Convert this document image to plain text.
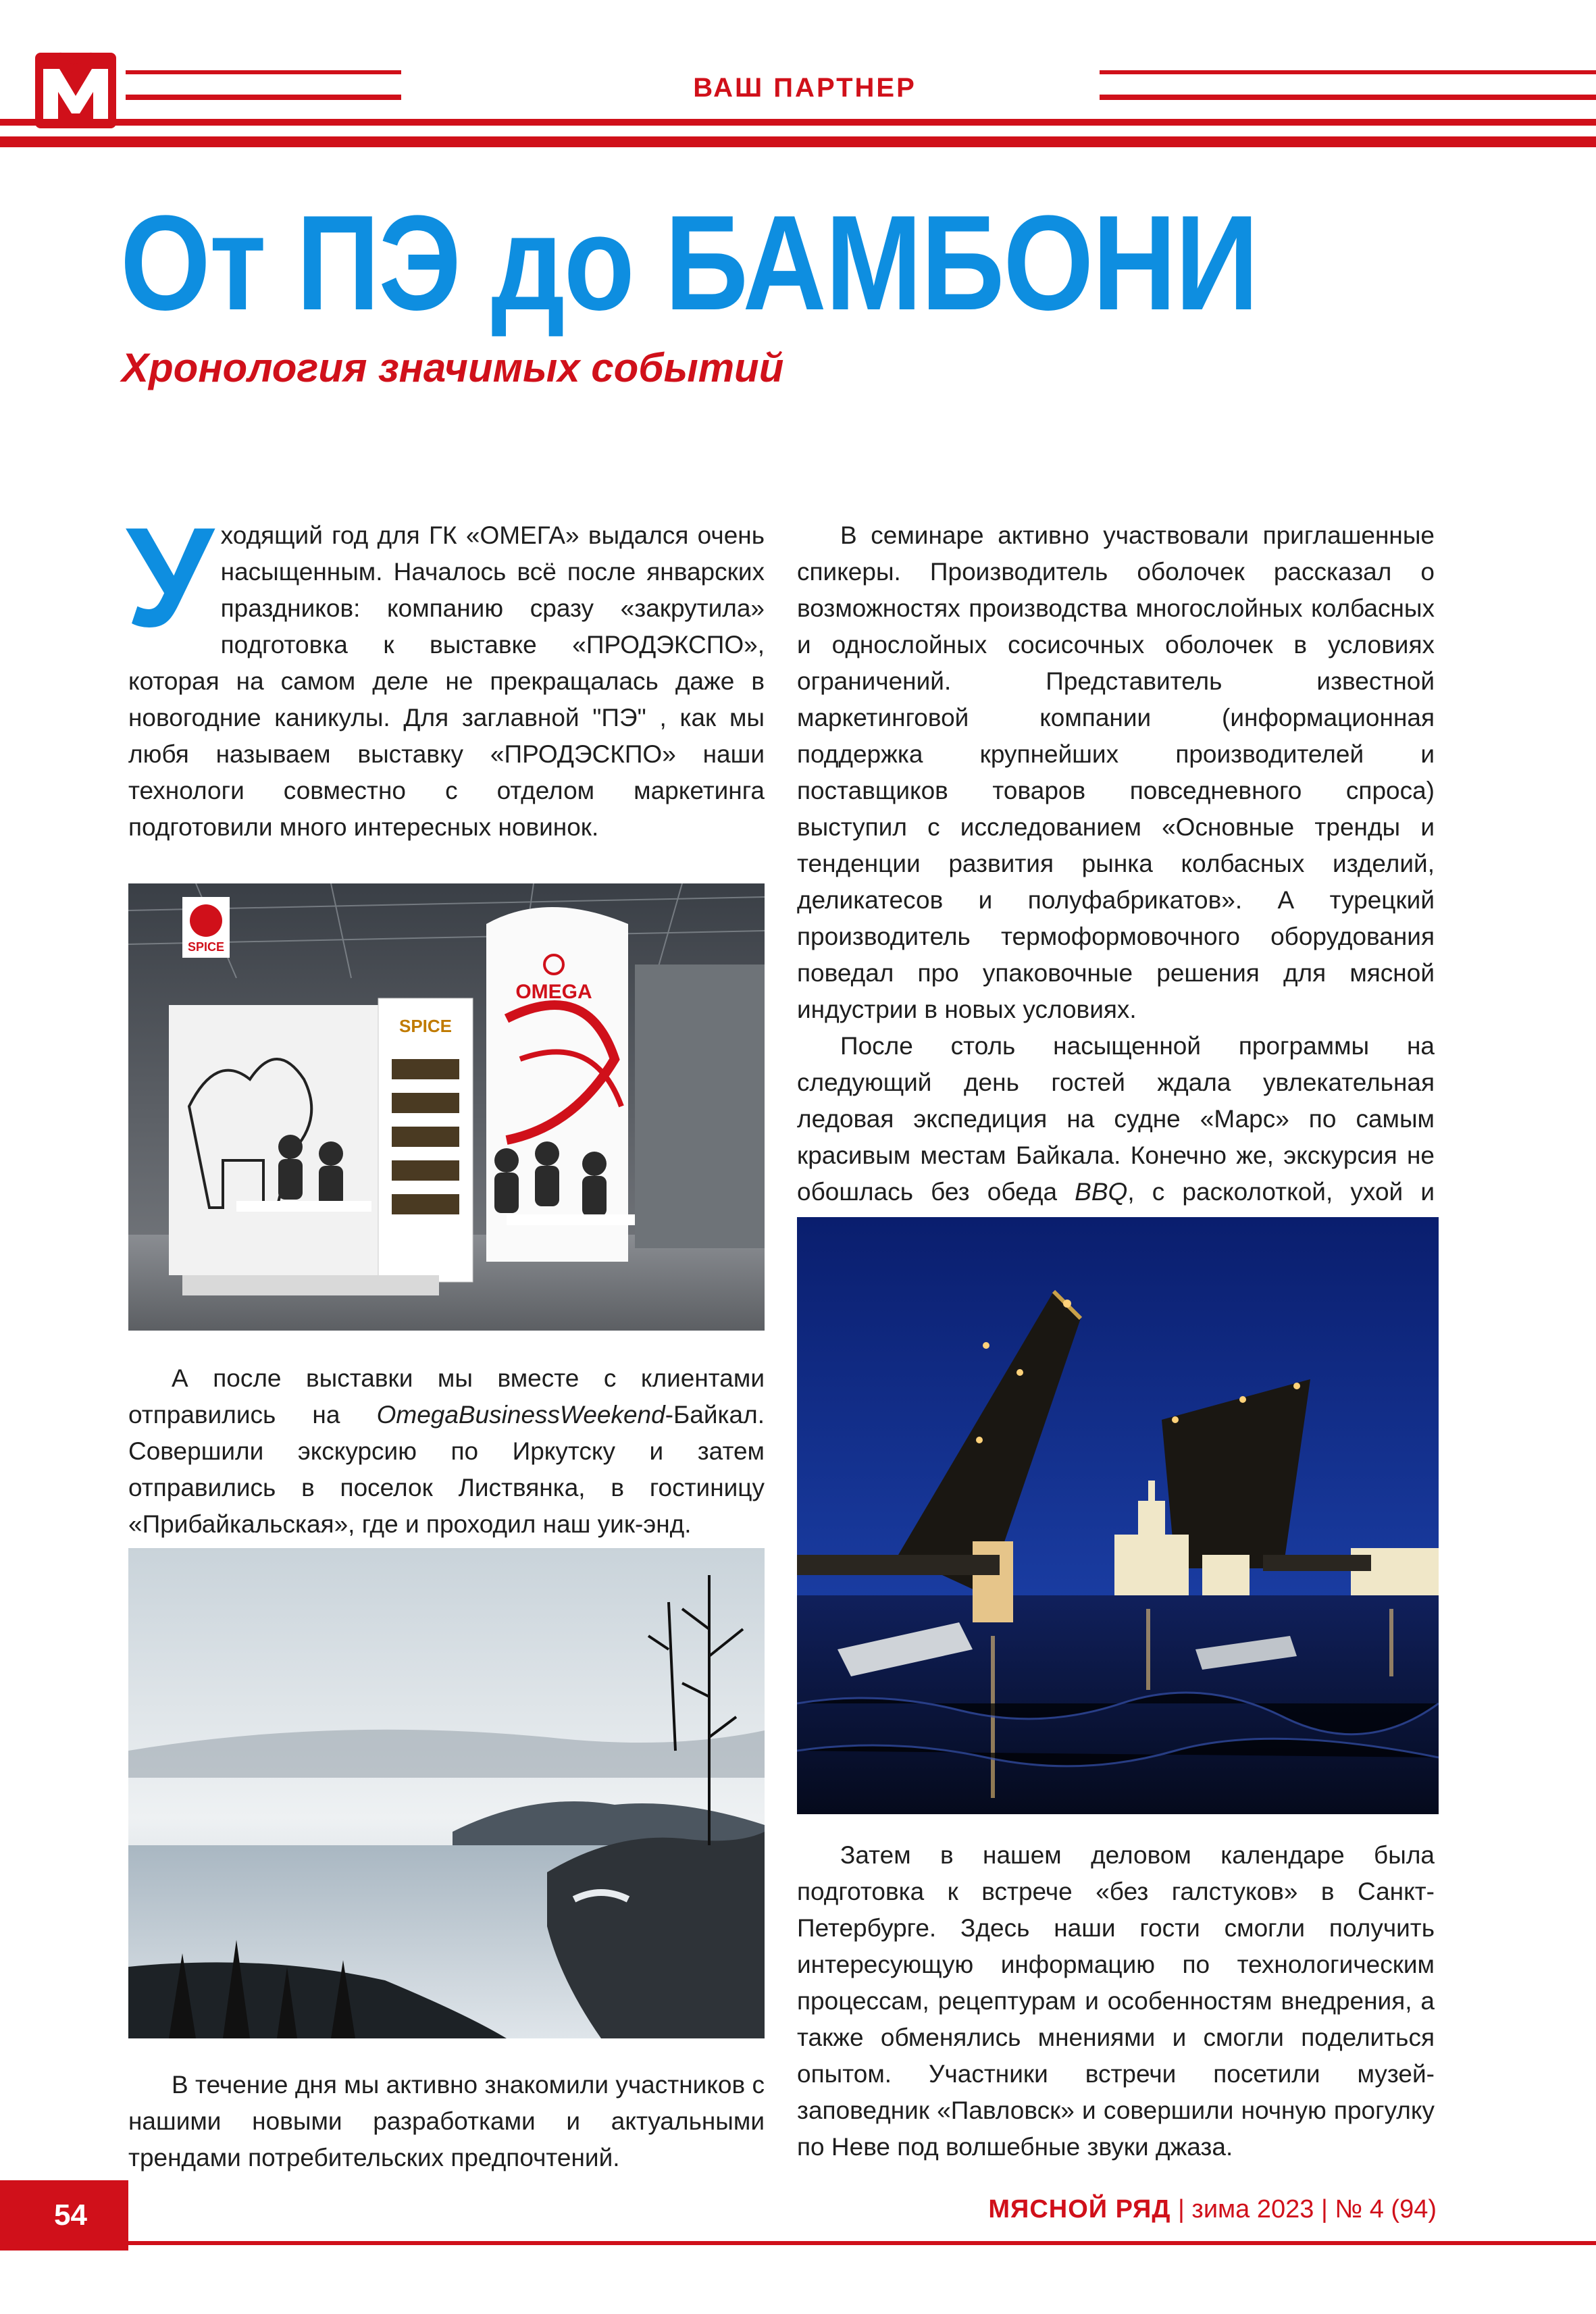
ВАШ ПАРТНЕР
От ПЭ до БАМБОНИ
Хронология значимых событий
У ходящий год для ГК «ОМЕГА» выдался очень насыщенным. Началось всё после январских праздников: компанию сразу «закрутила» подготовка к выставке «ПРОДЭКСПО», которая на самом деле не прекращалась даже в новогодние каникулы. Для заглавной "ПЭ" , как мы любя называем выставку «ПРОДЭСКПО» наши технологи совместно с отделом маркетинга подготовили много интересных новинок.

SPICE
OMEGA
SPICE

А после выставки мы вместе с клиентами отправились на OmegaBusinessWeekend-Байкал. Совершили экскурсию по Иркутску и затем отправились в поселок Листвянка, в гостиницу «Прибайкальская», где и проходил наш уик-энд.

В течение дня мы активно знакомили участников с нашими новыми разработками и актуальными трендами потребительских предпочтений.

В семинаре активно участвовали приглашенные спикеры. Производитель оболочек рассказал о возможностях производства многослойных колбасных и однослойных сосисочных оболочек в условиях ограничений. Представитель известной маркетинговой компании (информационная поддержка крупнейших производителей и поставщиков товаров повседневного спроса) выступил с исследованием «Основные тренды и тенденции развития рынка колбасных изделий, деликатесов и полуфабрикатов». А турецкий производитель термоформовочного оборудования поведал про упаковочные решения для мясной индустрии в новых условиях.

После столь насыщенной программы на следующий день гостей ждала увлекательная ледовая экспедиция на судне «Марс» по самым красивым местам Байкала. Конечно же, экскурсия не обошлась без обеда BBQ, с расколоткой, ухой и

Затем в нашем деловом календаре была подготовка к встрече «без галстуков» в Санкт-Петербурге. Здесь наши гости смогли получить интересующую информацию по технологическим процессам, рецептурам и особенностям внедрения, а также обменялись мнениями и смогли поделиться опытом. Участники встречи посетили музей-заповедник «Павловск» и совершили ночную прогулку по Неве под волшебные звуки джаза.

54	МЯСНОЙ РЯД | зима 2023 | № 4 (94)
